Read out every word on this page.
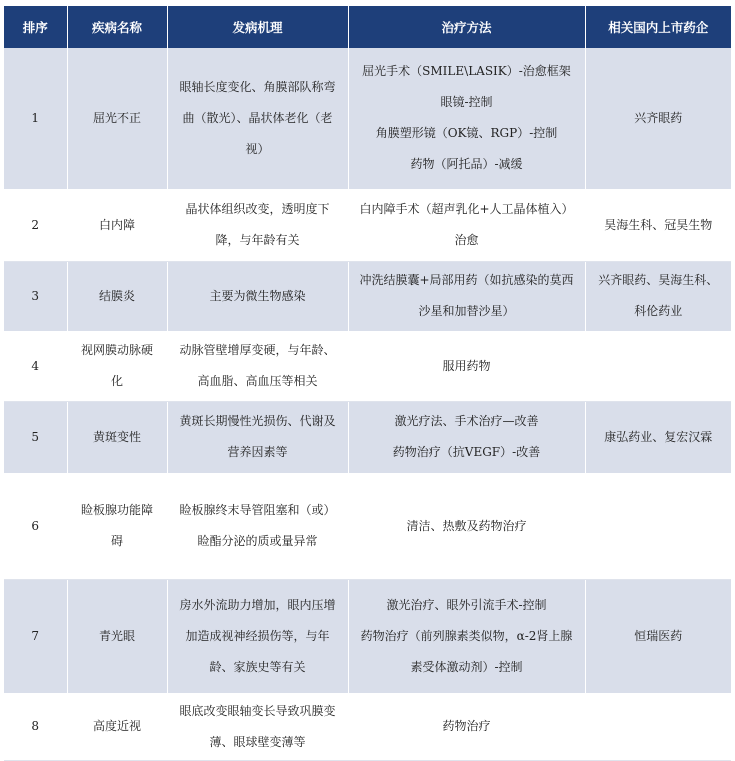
排序	疾病名称	发病机理	治疗方法	相关国内上市药企
1	屈光不正	眼轴长度变化、角膜部队称弯曲（散光）、晶状体老化（老视）	屈光手术（SMILE\LASIK）-治愈框架眼镜-控制
角膜塑形镜（OK镜、RGP）-控制
药物（阿托品）-减缓	兴齐眼药
2	白内障	晶状体组织改变，透明度下降，与年龄有关	白内障手术（超声乳化+人工晶体植入）治愈	昊海生科、冠昊生物
3	结膜炎	主要为微生物感染	冲洗结膜囊+局部用药（如抗感染的莫西沙星和加替沙星）	兴齐眼药、昊海生科、科伦药业
4	视网膜动脉硬化	动脉管壁增厚变硬，与年龄、高血脂、高血压等相关	服用药物	

5	黄斑变性	黄斑长期慢性光损伤、代谢及营养因素等	激光疗法、手术治疗—改善
药物治疗（抗VEGF）-改善	康弘药业、复宏汉霖
6	睑板腺功能障碍	睑板腺终末导管阻塞和（或）睑酯分泌的质或量异常	清洁、热敷及药物治疗	

7	青光眼	房水外流助力增加，眼内压增加造成视神经损伤等，与年龄、家族史等有关	激光治疗、眼外引流手术-控制
药物治疗（前列腺素类似物，α-2肾上腺素受体激动剂）-控制	恒瑞医药
8	高度近视	眼底改变眼轴变长导致巩膜变薄、眼球壁变薄等	药物治疗	
